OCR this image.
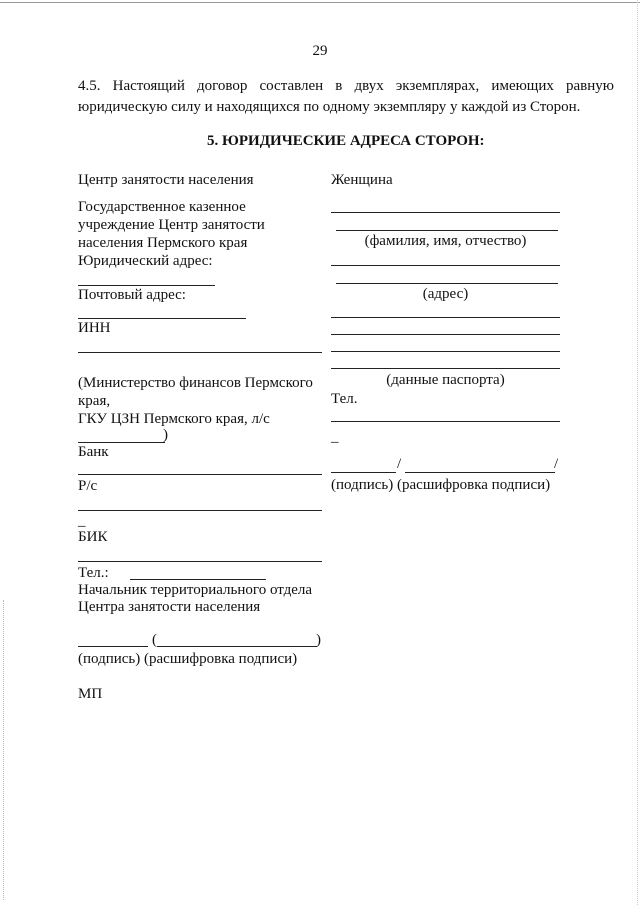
29
4.5. Настоящий договор составлен в двух экземплярах, имеющих равную
юридическую силу и находящихся по одному экземпляру у каждой из Сторон.
5. ЮРИДИЧЕСКИЕ АДРЕСА СТОРОН:
Центр занятости населения
Государственное казенное
учреждение Центр занятости
населения Пермского края
Юридический адрес:
Почтовый адрес:
ИНН
(Министерство финансов Пермского
края,
ГКУ ЦЗН Пермского края, л/с
)
Банк
Р/с
_
БИК
Тел.:
Начальник территориального отдела
Центра занятости населения
(	)
(подпись) (расшифровка подписи)
МП
Женщина
(фамилия, имя, отчество)
(адрес)
(данные паспорта)
Тел.
_
/	/
(подпись) (расшифровка подписи)
